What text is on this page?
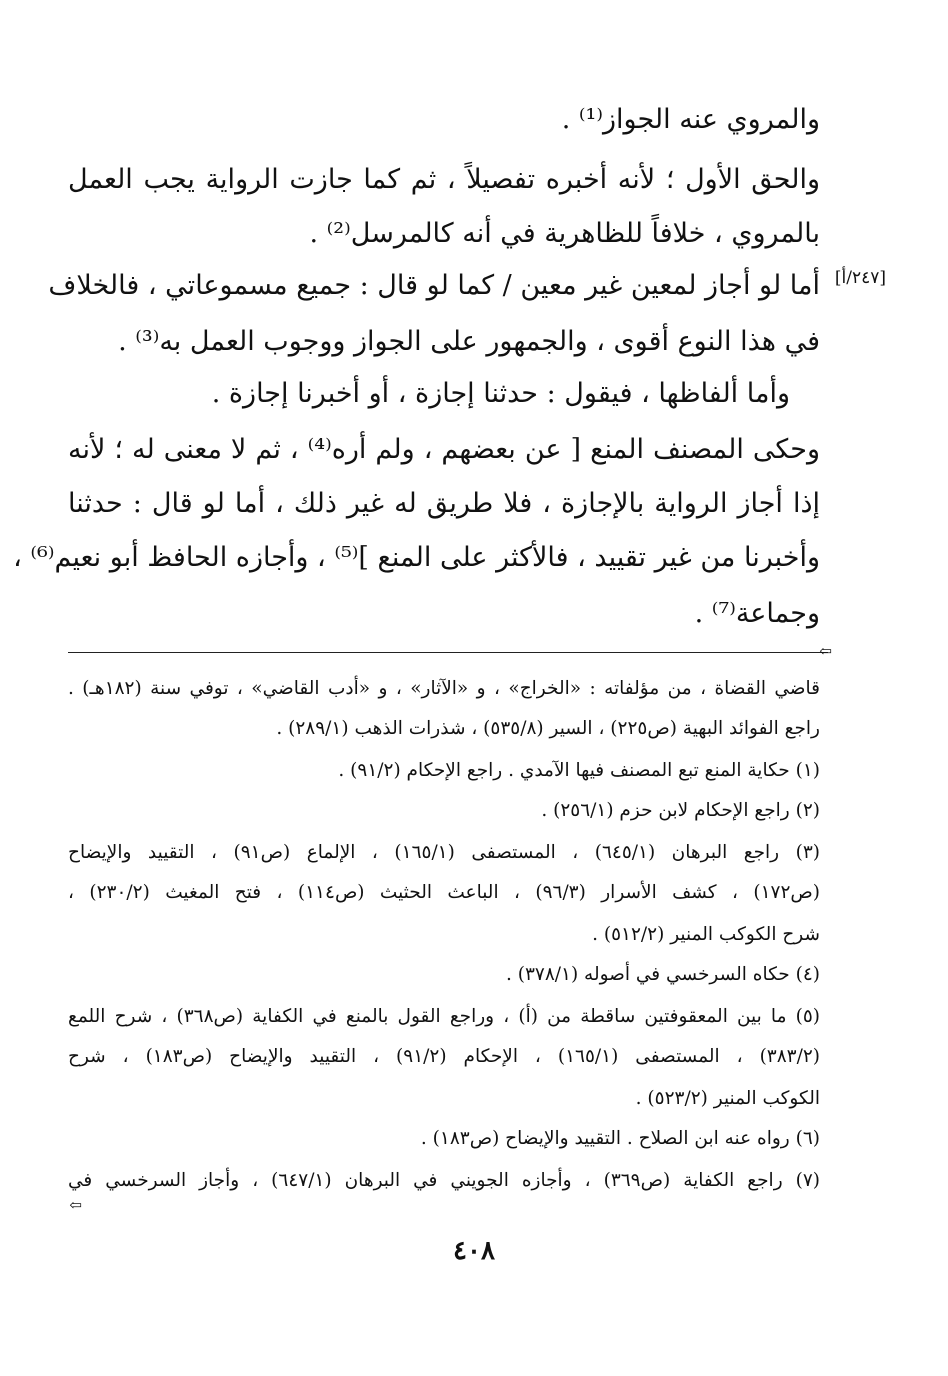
[٢٤٧/أ]
والمروي عنه الجواز⁽¹⁾ .
والحق الأول ؛ لأنه أخبره تفصيلاً ، ثم كما جازت الرواية يجب العمل
بالمروي ، خلافاً للظاهرية في أنه كالمرسل⁽²⁾ .
أما لو أجاز لمعين غير معين / كما لو قال : جميع مسموعاتي ، فالخلاف
في هذا النوع أقوى ، والجمهور على الجواز ووجوب العمل به⁽³⁾ .
وأما ألفاظها ، فيقول : حدثنا إجازة ، أو أخبرنا إجازة .
وحكى المصنف المنع [ عن بعضهم ، ولم أره⁽⁴⁾ ، ثم لا معنى له ؛ لأنه
إذا أجاز الرواية بالإجازة ، فلا طريق له غير ذلك ، أما لو قال : حدثنا
وأخبرنا من غير تقييد ، فالأكثر على المنع ]⁽⁵⁾ ، وأجازه الحافظ أبو نعيم⁽⁶⁾ ،
وجماعة⁽⁷⁾ .
⇦
قاضي القضاة ، من مؤلفاته : «الخراج» ، و «الآثار» ، و «أدب القاضي» ، توفي سنة (١٨٢هـ) .
راجع الفوائد البهية (ص٢٢٥) ، السير (٥٣٥/٨) ، شذرات الذهب (٢٨٩/١) .
(١) حكاية المنع تبع المصنف فيها الآمدي . راجع الإحكام (٩١/٢) .
(٢) راجع الإحكام لابن حزم (٢٥٦/١) .
(٣) راجع البرهان (٦٤٥/١) ، المستصفى (١٦٥/١) ، الإلماع (ص٩١) ، التقييد والإيضاح
(ص١٧٢) ، كشف الأسرار (٩٦/٣) ، الباعث الحثيث (ص١١٤) ، فتح المغيث (٢٣٠/٢) ،
شرح الكوكب المنير (٥١٢/٢) .
(٤) حكاه السرخسي في أصوله (٣٧٨/١) .
(٥) ما بين المعقوفتين ساقطة من (أ) ، وراجع القول بالمنع في الكفاية (ص٣٦٨) ، شرح اللمع
(٣٨٣/٢) ، المستصفى (١٦٥/١) ، الإحكام (٩١/٢) ، التقييد والإيضاح (ص١٨٣) ، شرح
الكوكب المنير (٥٢٣/٢) .
(٦) رواه عنه ابن الصلاح . التقييد والإيضاح (ص١٨٣) .
(٧) راجع الكفاية (ص٣٦٩) ، وأجازه الجويني في البرهان (٦٤٧/١) ، وأجاز السرخسي في
⇦
٤٠٨
